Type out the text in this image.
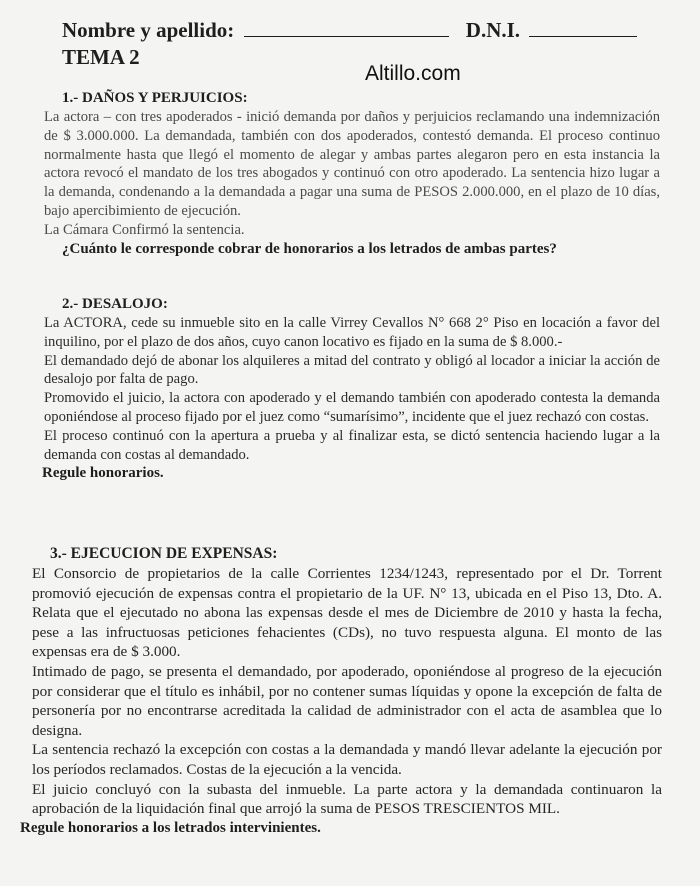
Nombre y apellido:	D.N.I.
TEMA 2
Altillo.com
1.- DAÑOS Y PERJUICIOS:

La actora – con tres apoderados - inició demanda por daños y perjuicios reclamando una indemnización de $ 3.000.000. La demandada, también con dos apoderados, contestó demanda. El proceso continuo normalmente hasta que llegó el momento de alegar y ambas partes alegaron pero en esta instancia la actora revocó el mandato de los tres abogados y continuó con otro apoderado. La sentencia hizo lugar a la demanda, condenando a la demandada a pagar una suma de PESOS 2.000.000, en el plazo de 10 días, bajo apercibimiento de ejecución.

La Cámara Confirmó la sentencia.

¿Cuánto le corresponde cobrar de honorarios a los letrados de ambas partes?

2.- DESALOJO:

La ACTORA, cede su inmueble sito en la calle Virrey Cevallos N° 668 2° Piso en locación a favor del inquilino, por el plazo de dos años, cuyo canon locativo es fijado en la suma de $ 8.000.-

El demandado dejó de abonar los alquileres a mitad del contrato y obligó al locador a iniciar la acción de desalojo por falta de pago.

Promovido el juicio, la actora con apoderado y el demando también con apoderado contesta la demanda oponiéndose al proceso fijado por el juez como “sumarísimo”, incidente que el juez rechazó con costas.

El proceso continuó con la apertura a prueba y al finalizar esta, se dictó sentencia haciendo lugar a la demanda con costas al demandado.

Regule honorarios.

3.- EJECUCION DE EXPENSAS:

El Consorcio de propietarios de la calle Corrientes 1234/1243, representado por el Dr. Torrent promovió ejecución de expensas contra el propietario de la UF. N° 13, ubicada en el Piso 13, Dto. A. Relata que el ejecutado no abona las expensas desde el mes de Diciembre de 2010 y hasta la fecha, pese a las infructuosas peticiones fehacientes (CDs), no tuvo respuesta alguna. El monto de las expensas era de $ 3.000.

Intimado de pago, se presenta el demandado, por apoderado, oponiéndose al progreso de la ejecución por considerar que el título es inhábil, por no contener sumas líquidas y opone la excepción de falta de personería por no encontrarse acreditada la calidad de administrador con el acta de asamblea que lo designa.

La sentencia rechazó la excepción con costas a la demandada y mandó llevar adelante la ejecución por los períodos reclamados. Costas de la ejecución a la vencida.

El juicio concluyó con la subasta del inmueble. La parte actora y la demandada continuaron la aprobación de la liquidación final que arrojó la suma de PESOS TRESCIENTOS MIL.

Regule honorarios a los letrados intervinientes.
